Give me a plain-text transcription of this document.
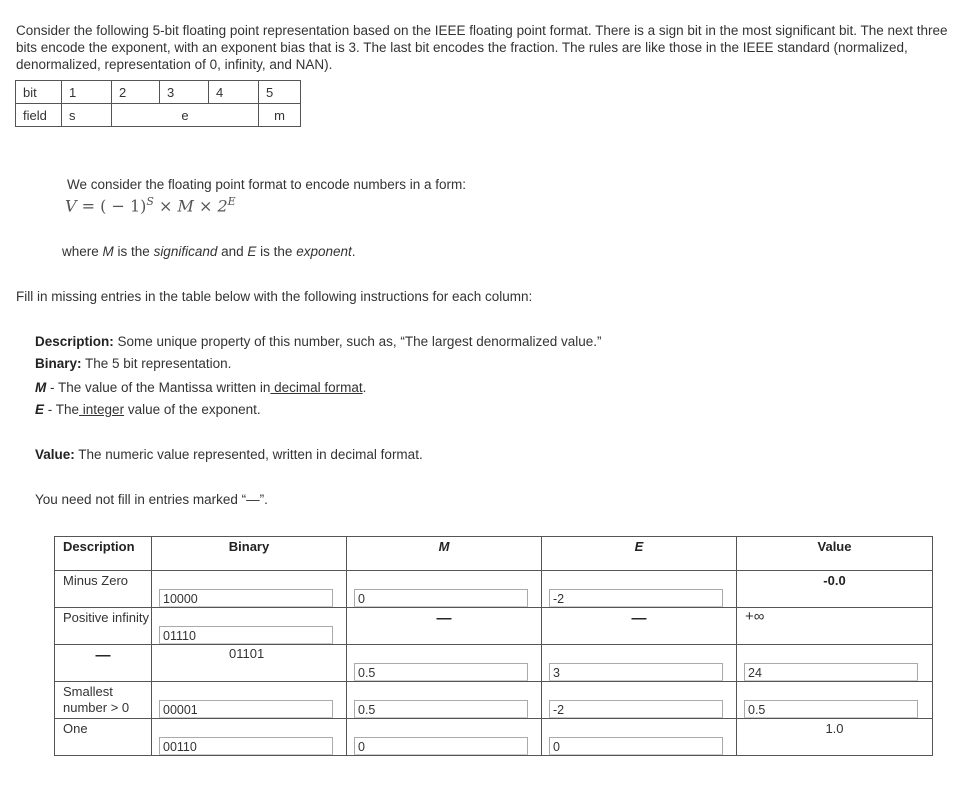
Consider the following 5-bit floating point representation based on the IEEE floating point format. There is a sign bit in the most significant bit. The next three bits encode the exponent, with an exponent bias that is 3. The last bit encodes the fraction. The rules are like those in the IEEE standard (normalized, denormalized, representation of 0, infinity, and NAN).
bit	1	2	3	4	5
field	s	e			m
We consider the floating point format to encode numbers in a form:
V = ( − $1)^S \times M \times 2^E$
where M is the significand and E is the exponent.
Fill in missing entries in the table below with the following instructions for each column:
Description: Some unique property of this number, such as, “The largest denormalized value.”
Binary: The 5 bit representation.
M - The value of the Mantissa written in decimal format.
E - The integer value of the exponent.
Value: The numeric value represented, written in decimal format.
You need not fill in entries marked “—”.
Description	Binary	M	E	Value

Minus Zero	10000	0	-2	-0.0

Positive infinity	01110	—	—	+∞

—	01101	0.5	3	24

Smallest number > 0	00001	0.5	-2	0.5

One	00110	0	0	1.0
